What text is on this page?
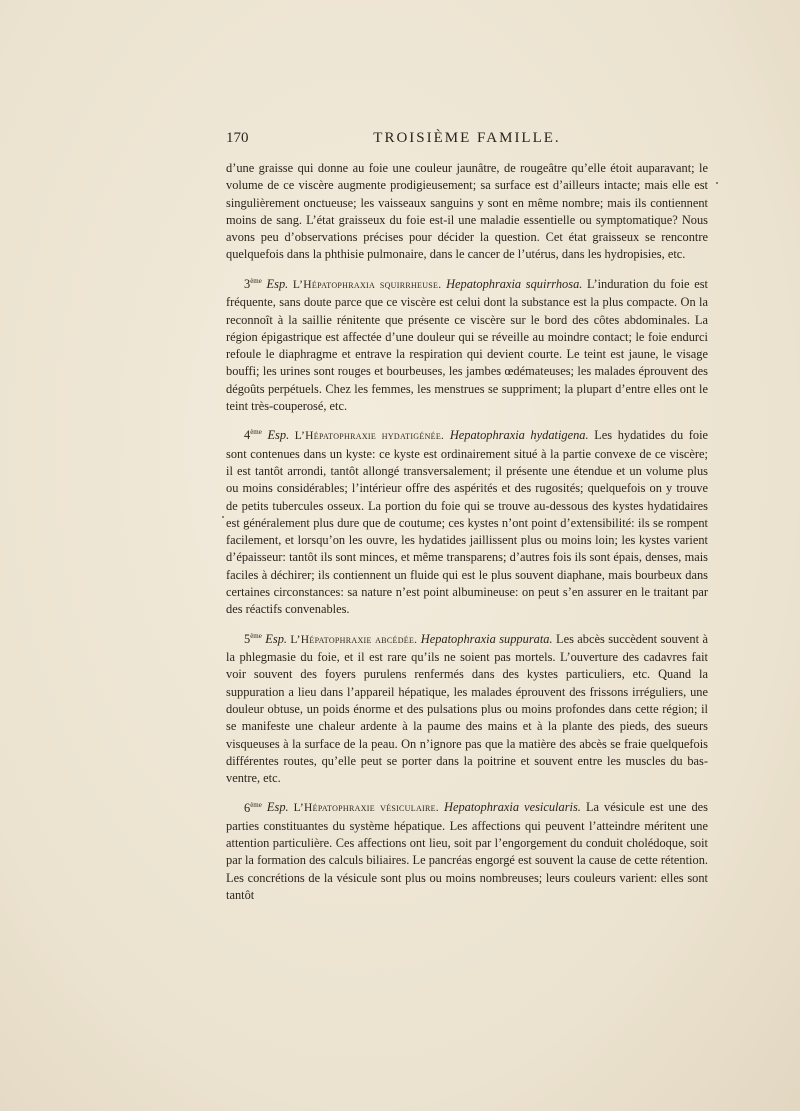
170	TROISIÈME FAMILLE.

d’une graisse qui donne au foie une couleur jaunâtre, de rougeâtre qu’elle étoit auparavant; le volume de ce viscère augmente prodigieusement; sa surface est d’ailleurs intacte; mais elle est singulièrement onctueuse; les vaisseaux sanguins y sont en même nombre; mais ils contiennent moins de sang. L’état graisseux du foie est-il une maladie essentielle ou symptomatique? Nous avons peu d’observations précises pour décider la question. Cet état graisseux se rencontre quelquefois dans la phthisie pulmonaire, dans le cancer de l’utérus, dans les hydropisies, etc.

3ème Esp. L’Hépatophraxia squirrheuse. Hepatophraxia squirrhosa. L’induration du foie est fréquente, sans doute parce que ce viscère est celui dont la substance est la plus compacte. On la reconnoît à la saillie rénitente que présente ce viscère sur le bord des côtes abdominales. La région épigastrique est affectée d’une douleur qui se réveille au moindre contact; le foie endurci refoule le diaphragme et entrave la respiration qui devient courte. Le teint est jaune, le visage bouffi; les urines sont rouges et bourbeuses, les jambes œdémateuses; les malades éprouvent des dégoûts perpétuels. Chez les femmes, les menstrues se suppriment; la plupart d’entre elles ont le teint très-couperosé, etc.

4ème Esp. L’Hépatophraxie hydatigénée. Hepatophraxia hydatigena. Les hydatides du foie sont contenues dans un kyste: ce kyste est ordinairement situé à la partie convexe de ce viscère; il est tantôt arrondi, tantôt allongé transversalement; il présente une étendue et un volume plus ou moins considérables; l’intérieur offre des aspérités et des rugosités; quelquefois on y trouve de petits tubercules osseux. La portion du foie qui se trouve au-dessous des kystes hydatidaires est généralement plus dure que de coutume; ces kystes n’ont point d’extensibilité: ils se rompent facilement, et lorsqu’on les ouvre, les hydatides jaillissent plus ou moins loin; les kystes varient d’épaisseur: tantôt ils sont minces, et même transparens; d’autres fois ils sont épais, denses, mais faciles à déchirer; ils contiennent un fluide qui est le plus souvent diaphane, mais bourbeux dans certaines circonstances: sa nature n’est point albumineuse: on peut s’en assurer en le traitant par des réactifs convenables.

5ème Esp. L’Hépatophraxie abcédée. Hepatophraxia suppurata. Les abcès succèdent souvent à la phlegmasie du foie, et il est rare qu’ils ne soient pas mortels. L’ouverture des cadavres fait voir souvent des foyers purulens renfermés dans des kystes particuliers, etc. Quand la suppuration a lieu dans l’appareil hépatique, les malades éprouvent des frissons irréguliers, une douleur obtuse, un poids énorme et des pulsations plus ou moins profondes dans cette région; il se manifeste une chaleur ardente à la paume des mains et à la plante des pieds, des sueurs visqueuses à la surface de la peau. On n’ignore pas que la matière des abcès se fraie quelquefois différentes routes, qu’elle peut se porter dans la poitrine et souvent entre les muscles du bas-ventre, etc.

6ème Esp. L’Hépatophraxie vésiculaire. Hepatophraxia vesicularis. La vésicule est une des parties constituantes du système hépatique. Les affections qui peuvent l’atteindre méritent une attention particulière. Ces affections ont lieu, soit par l’engorgement du conduit cholédoque, soit par la formation des calculs biliaires. Le pancréas engorgé est souvent la cause de cette rétention. Les concrétions de la vésicule sont plus ou moins nombreuses; leurs couleurs varient: elles sont tantôt
